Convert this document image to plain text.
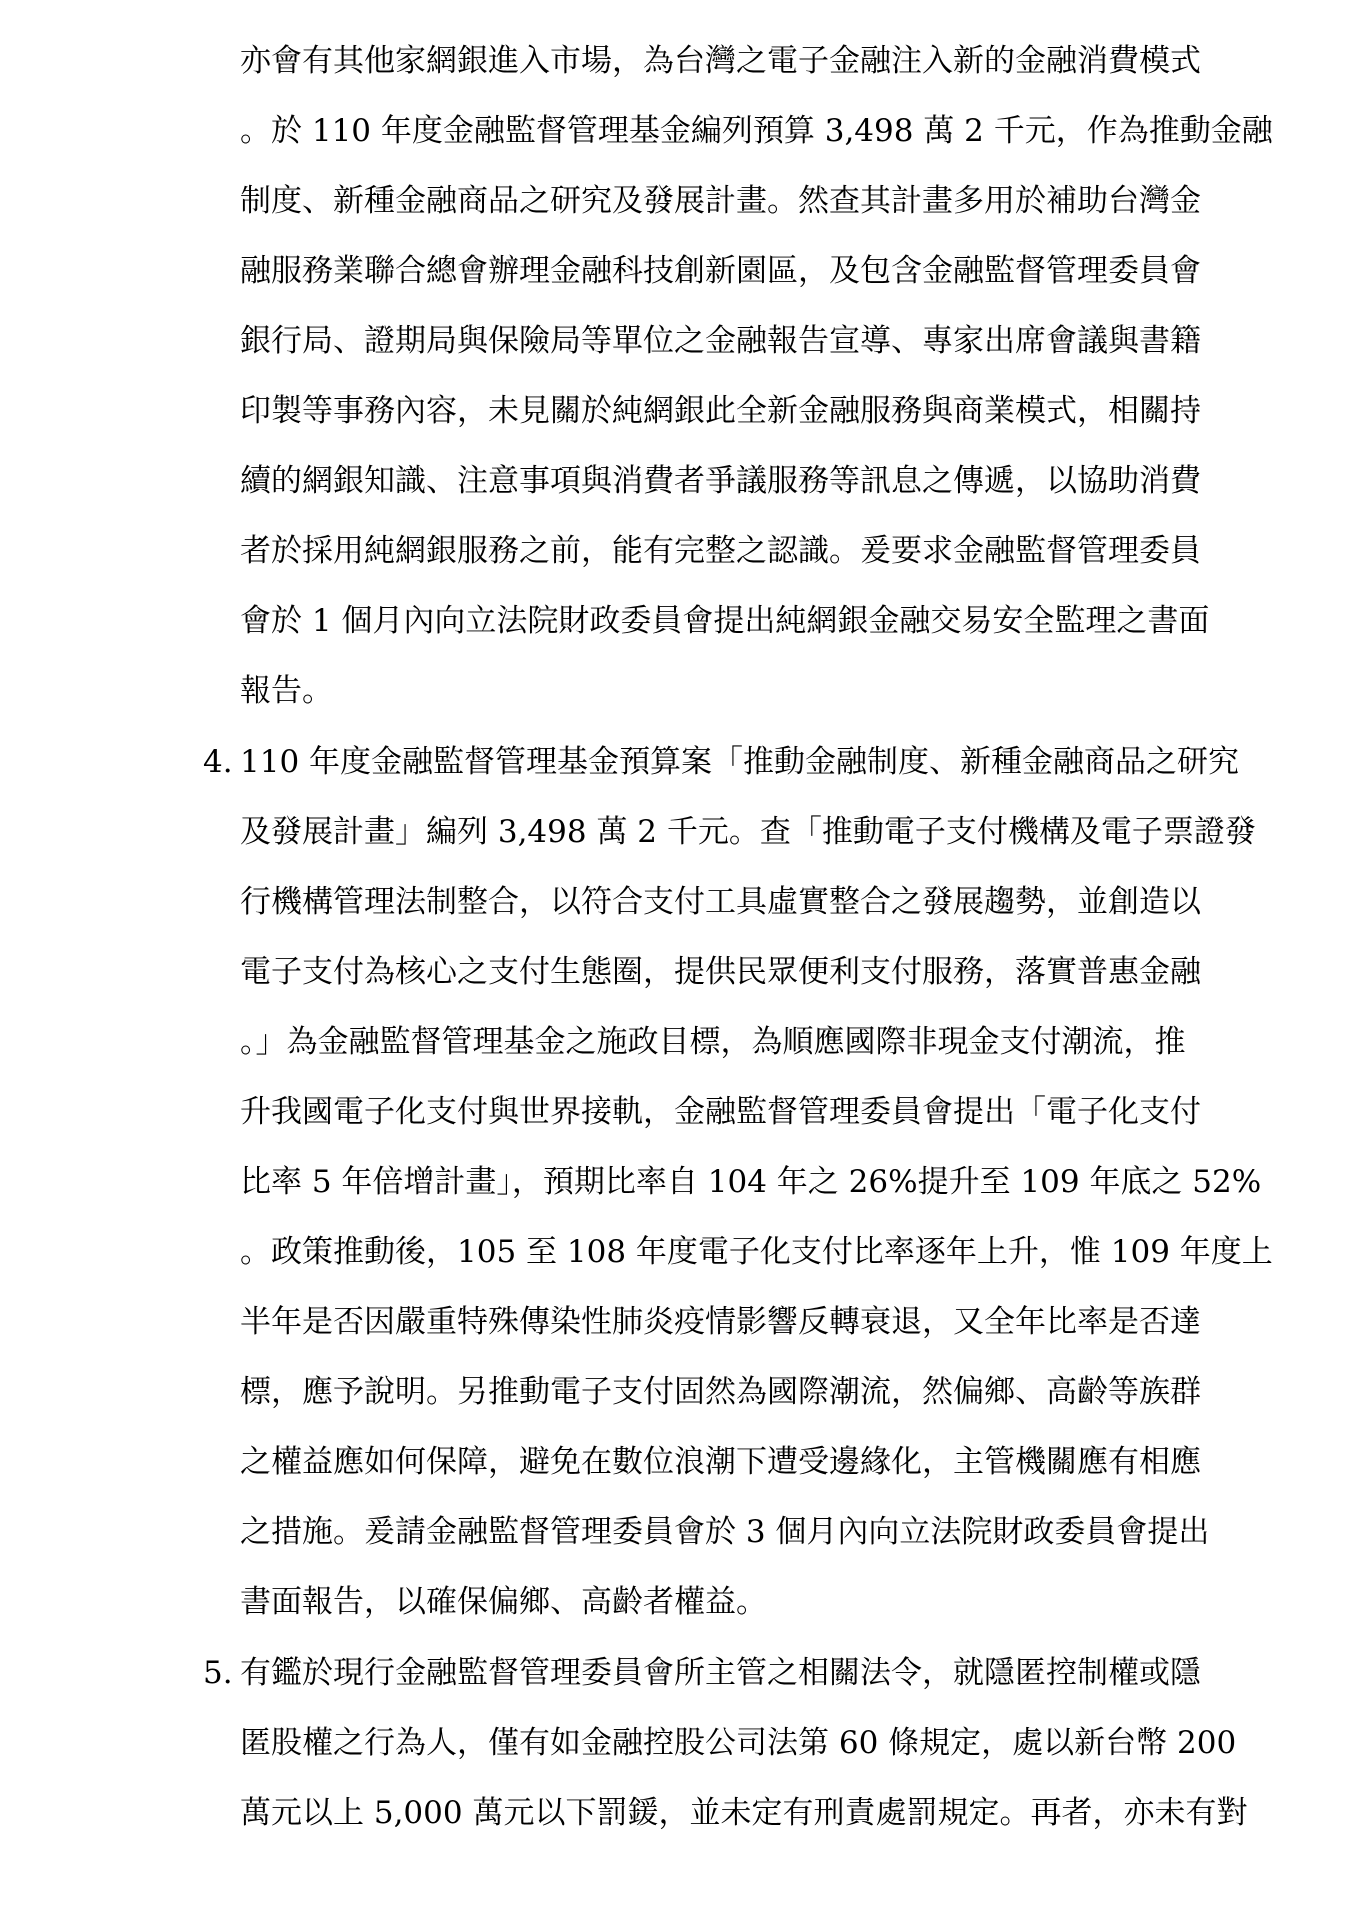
亦會有其他家網銀進入市場，為台灣之電子金融注入新的金融消費模式
。於 110 年度金融監督管理基金編列預算 3,498 萬 2 千元，作為推動金融
制度、新種金融商品之研究及發展計畫。然查其計畫多用於補助台灣金
融服務業聯合總會辦理金融科技創新園區，及包含金融監督管理委員會
銀行局、證期局與保險局等單位之金融報告宣導、專家出席會議與書籍
印製等事務內容，未見關於純網銀此全新金融服務與商業模式，相關持
續的網銀知識、注意事項與消費者爭議服務等訊息之傳遞，以協助消費
者於採用純網銀服務之前，能有完整之認識。爰要求金融監督管理委員
會於 1 個月內向立法院財政委員會提出純網銀金融交易安全監理之書面
報告。
4. 110 年度金融監督管理基金預算案「推動金融制度、新種金融商品之研究
及發展計畫」編列 3,498 萬 2 千元。查「推動電子支付機構及電子票證發
行機構管理法制整合，以符合支付工具虛實整合之發展趨勢，並創造以
電子支付為核心之支付生態圈，提供民眾便利支付服務，落實普惠金融
。」為金融監督管理基金之施政目標，為順應國際非現金支付潮流，推
升我國電子化支付與世界接軌，金融監督管理委員會提出「電子化支付
比率 5 年倍增計畫」，預期比率自 104 年之 26%提升至 109 年底之 52%
。政策推動後，105 至 108 年度電子化支付比率逐年上升，惟 109 年度上
半年是否因嚴重特殊傳染性肺炎疫情影響反轉衰退，又全年比率是否達
標，應予說明。另推動電子支付固然為國際潮流，然偏鄉、高齡等族群
之權益應如何保障，避免在數位浪潮下遭受邊緣化，主管機關應有相應
之措施。爰請金融監督管理委員會於 3 個月內向立法院財政委員會提出
書面報告，以確保偏鄉、高齡者權益。
5. 有鑑於現行金融監督管理委員會所主管之相關法令，就隱匿控制權或隱
匿股權之行為人，僅有如金融控股公司法第 60 條規定，處以新台幣 200
萬元以上 5,000 萬元以下罰鍰，並未定有刑責處罰規定。再者，亦未有對
